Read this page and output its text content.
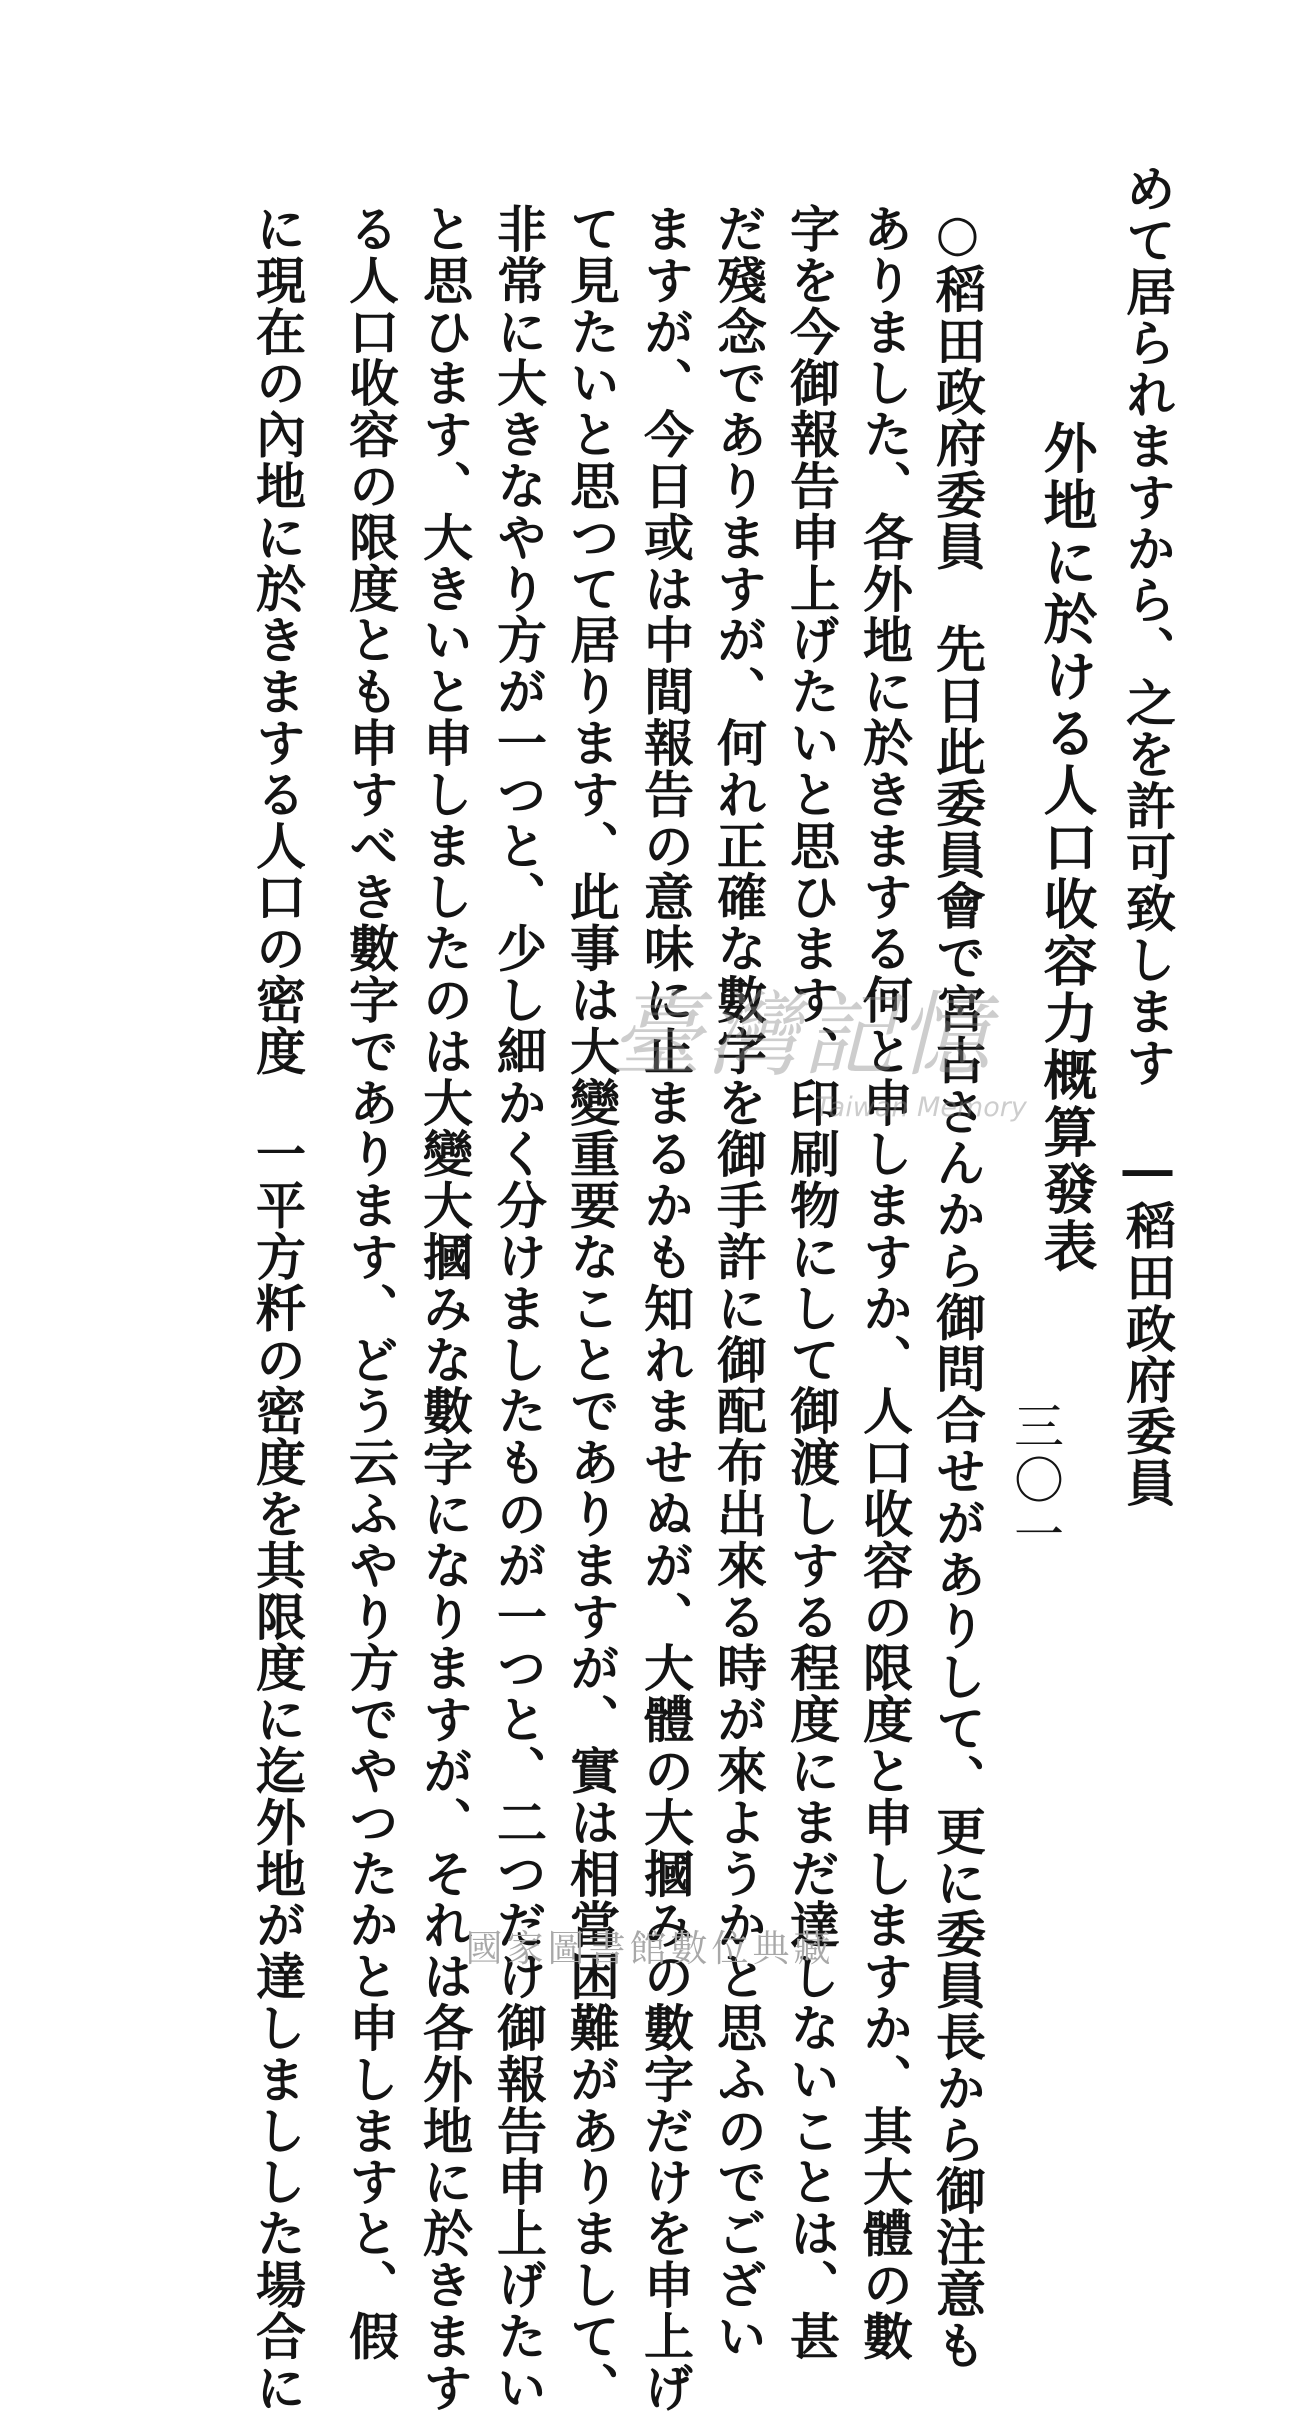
めて居られますから、之を許可致します　―稻田政府委員
外地に於ける人口收容力概算發表
○稻田政府委員　先日此委員會で宮古さんから御問合せがありして、更に委員長から御注意も
ありました、各外地に於きまする何と申しますか、人口收容の限度と申しますか、其大體の數
字を今御報告申上げたいと思ひます、印刷物にして御渡しする程度にまだ達しないことは、甚
だ殘念でありますが、何れ正確な數字を御手許に御配布出來る時が來ようかと思ふのでござい
ますが、今日或は中間報告の意味に止まるかも知れませぬが、大體の大摑みの數字だけを申上げ
て見たいと思つて居ります、此事は大變重要なことでありますが、實は相當困難がありまして、
非常に大きなやり方が一つと、少し細かく分けましたものが一つと、二つだけ御報告申上げたい
と思ひます、大きいと申しましたのは大變大摑みな數字になりますが、それは各外地に於きます
る人口收容の限度とも申すべき數字であります、どう云ふやり方でやつたかと申しますと、假
に現在の內地に於きまする人口の密度　一平方粁の密度を其限度に迄外地が達しましした場合に	三〇一
臺灣記憶
Taiwan Memory
國家圖書館數位典藏
